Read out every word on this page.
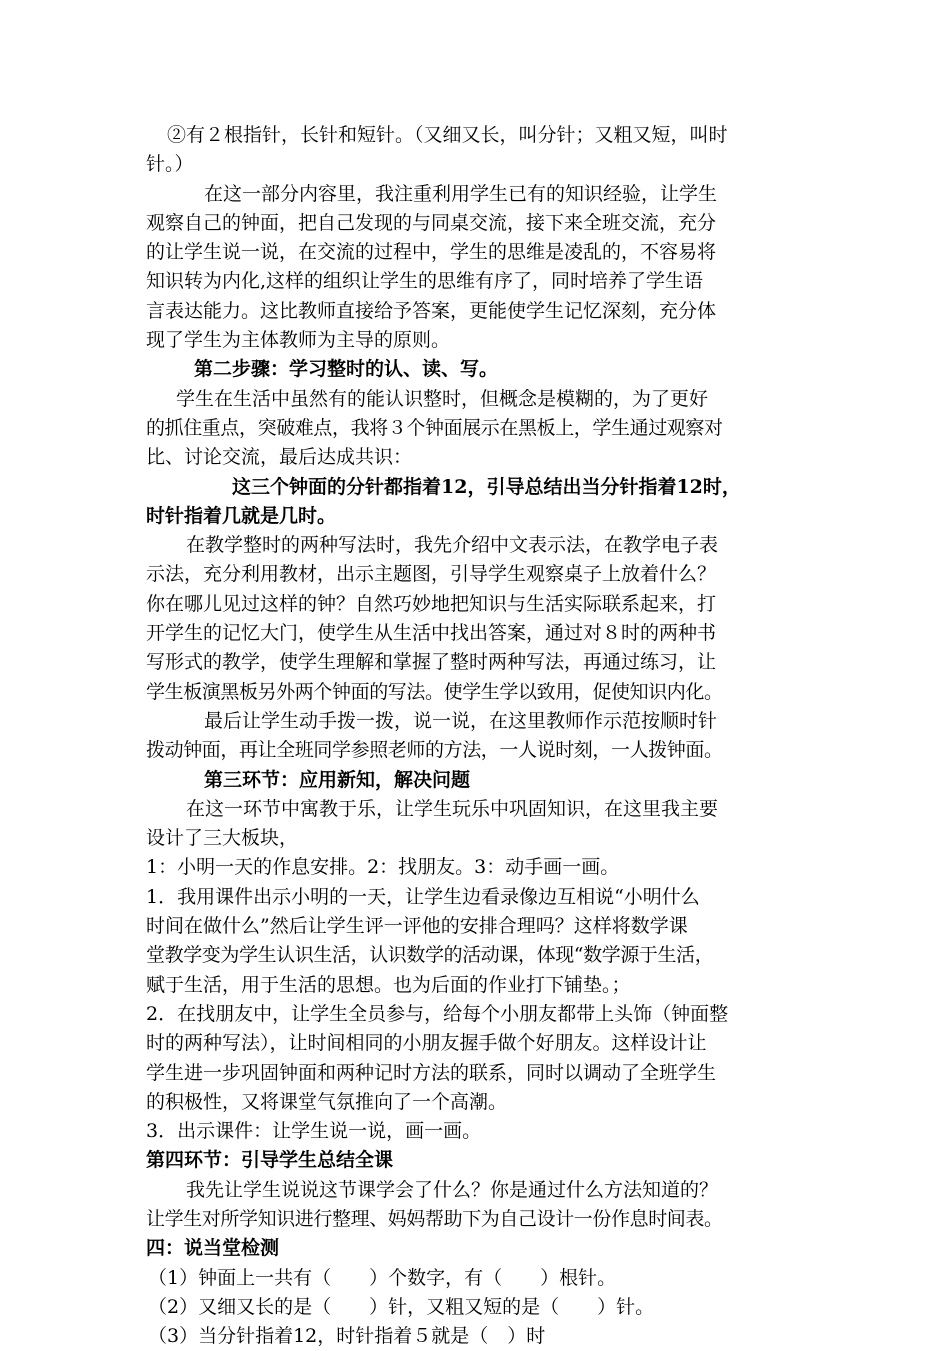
②有２根指针，长针和短针。（又细又长，叫分针；又粗又短，叫时
针。）
在这一部分内容里，我注重利用学生已有的知识经验，让学生
观察自己的钟面，把自己发现的与同桌交流，接下来全班交流，充分
的让学生说一说，在交流的过程中，学生的思维是凌乱的，不容易将
知识转为内化,这样的组织让学生的思维有序了，同时培养了学生语
言表达能力。这比教师直接给予答案，更能使学生记忆深刻，充分体
现了学生为主体教师为主导的原则。
第二步骤：学习整时的认、读、写。
学生在生活中虽然有的能认识整时，但概念是模糊的，为了更好
的抓住重点，突破难点，我将３个钟面展示在黑板上，学生通过观察对
比、讨论交流，最后达成共识：
这三个钟面的分针都指着12，引导总结出当分针指着12时，
时针指着几就是几时。
在教学整时的两种写法时，我先介绍中文表示法，在教学电子表
示法，充分利用教材，出示主题图，引导学生观察桌子上放着什么？
你在哪儿见过这样的钟？自然巧妙地把知识与生活实际联系起来，打
开学生的记忆大门，使学生从生活中找出答案，通过对８时的两种书
写形式的教学，使学生理解和掌握了整时两种写法，再通过练习，让
学生板演黑板另外两个钟面的写法。使学生学以致用，促使知识内化。
最后让学生动手拨一拨，说一说，在这里教师作示范按顺时针
拨动钟面，再让全班同学参照老师的方法，一人说时刻，一人拨钟面。
第三环节：应用新知，解决问题
在这一环节中寓教于乐，让学生玩乐中巩固知识，在这里我主要
设计了三大板块，
1：小明一天的作息安排。2：找朋友。3：动手画一画。
1．我用课件出示小明的一天，让学生边看录像边互相说“小明什么
时间在做什么”然后让学生评一评他的安排合理吗？这样将数学课
堂教学变为学生认识生活，认识数学的活动课，体现“数学源于生活，
赋于生活，用于生活的思想。也为后面的作业打下铺垫。；
2．在找朋友中，让学生全员参与，给每个小朋友都带上头饰（钟面整
时的两种写法），让时间相同的小朋友握手做个好朋友。这样设计让
学生进一步巩固钟面和两种记时方法的联系，同时以调动了全班学生
的积极性，又将课堂气氛推向了一个高潮。
3．出示课件：让学生说一说，画一画。
第四环节：引导学生总结全课
我先让学生说说这节课学会了什么？你是通过什么方法知道的？
让学生对所学知识进行整理、妈妈帮助下为自己设计一份作息时间表。
四：说当堂检测
（1）钟面上一共有（　　）个数字，有（　　）根针。
（2）又细又长的是（　　）针，又粗又短的是（　　）针。
（3）当分针指着12，时针指着５就是（　）时
